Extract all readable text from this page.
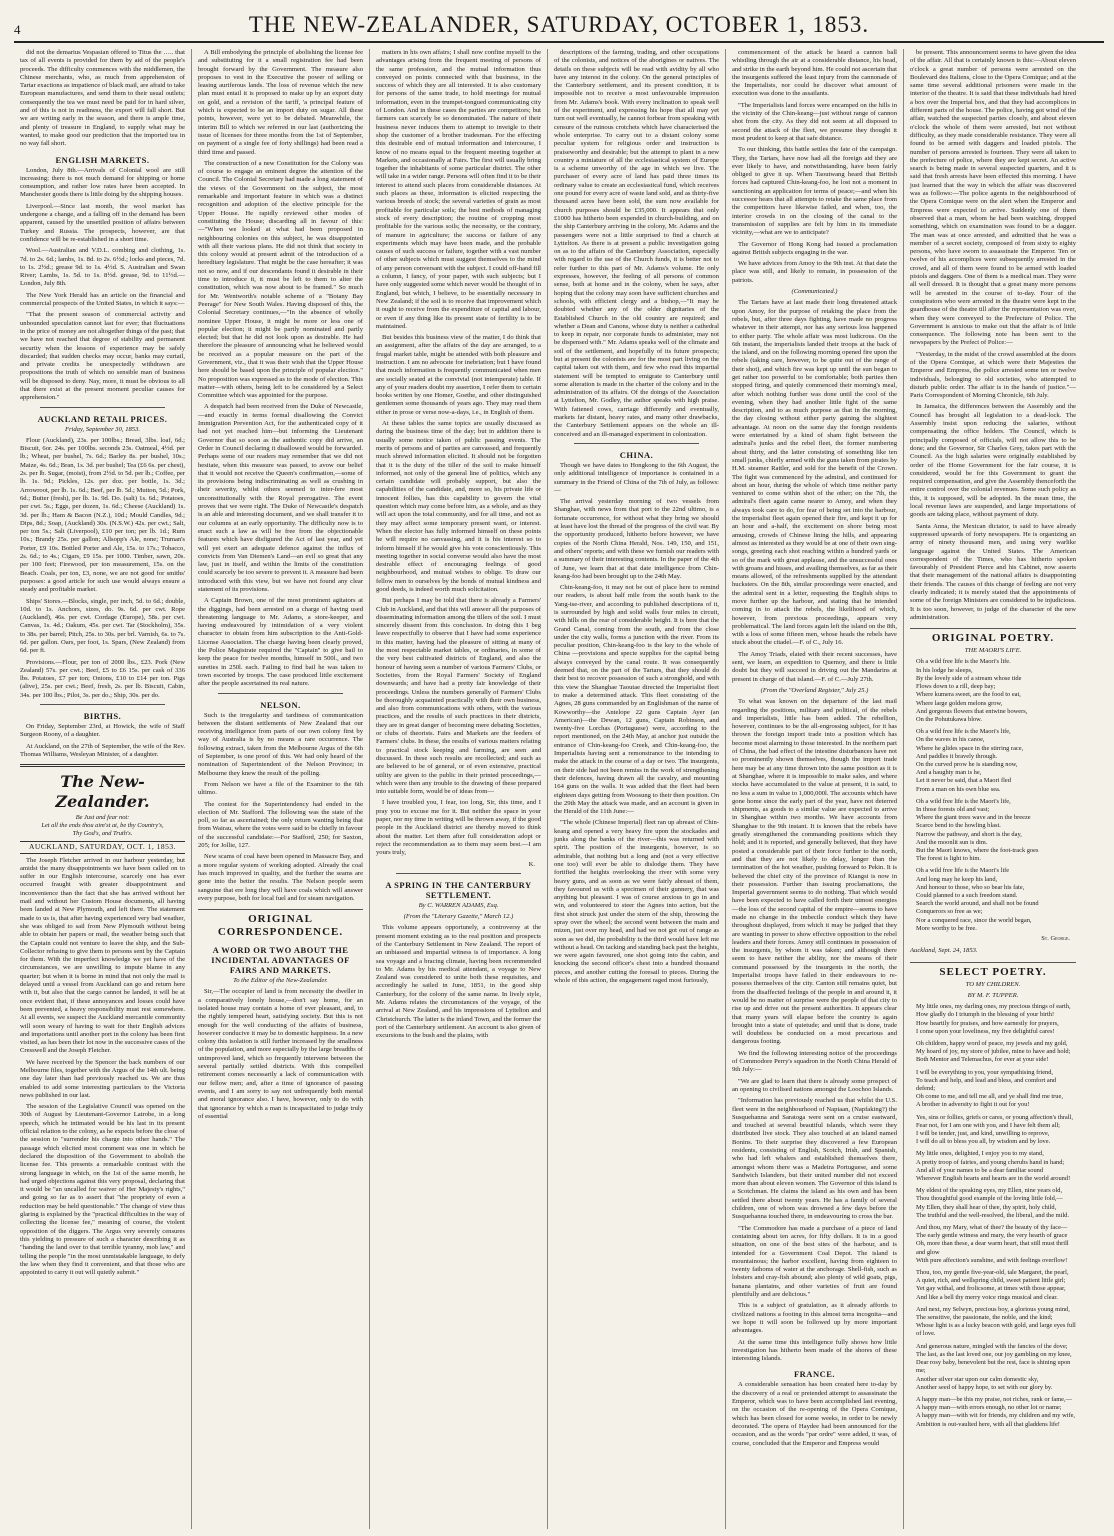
4	THE NEW-ZEALANDER, SATURDAY, OCTOBER 1, 1853.

did not the demarius Vespasian offered to Titus the ….. that tax of all events is provided for them by aid of the people's proceeds. The difficulty commences with the middlemen, the Chinese merchants, who, as much from apprehension of Tartar exactions as impatience of black mail, are afraid to take European manufactures, and send them to their usual outlets; consequently the tea we must need be paid for in hard silver, and of this is not in readiness, the export will fall short. But we are writing early in the season, and there is ample time, and plenty of treasure in England, to supply what may be wanted, to make good our prediction that the imported tea in no way fall short.

ENGLISH MARKETS.

London, July 8th.—Arrivals of Colonial wool are still increasing; there is not much demand for shipping or home consumption, and rather low rates have been accepted. In Manchester goods there is little doing by the shipping houses.

Liverpool.—Since last month, the wool market has undergone a change, and a falling off in the demand has been apparent, caused by the unsettled position of affairs between Turkey and Russia. The prospects, however, are that confidence will be re-established in a short time.

Wool.—Australian and V.D.L. combing and clothing, 1s. 7d. to 2s. 6d.; lambs, 1s. 8d. to 2s. 6½d.; locks and pieces, 7d. to 1s. 2½d.; grease 9d. to 1s. 4½d. S. Australian and Swan River; Lambs, 1s. 5d. to 1s. 8½d. grease, 9d. to 11½d.—London, July 8th.

The New York Herald has an article on the financial and commercial prospects of the United States, in which it says:—

"That the present season of commercial activity and unbounded speculation cannot last for ever; that fluctuations in the price of money are not altogether things of the past; that we have not reached that degree of stability and permanent security when the lessons of experience may be safely discarded; that sudden checks may occur, banks may curtail, and private credits be unexpectedly withdrawn are propositions the truth of which no sensible man of business will be disposed to deny. Nay, more, it must be obvious to all that there exist at the present moment peculiar causes for apprehension."

AUCKLAND RETAIL PRICES.
Friday, September 30, 1853.

Flour (Auckland), 23s. per 100lbs.; Bread, 3lbs. loaf, 6d.; Biscuit, 6or. 24s. per 100lbs. seconds 23s. Oatmeal, 4½d. per lb.; Wheat, per bushel, 7s. 6d.; Barley 8s. per bushel, 10s.; Maize, 4s. 6d.; Bran, 1s. 3d. per bushel; Tea (£6 6s. per chest), 2s. per lb. Sugar, (moist), from 2½d. to 5d. per lb.; Coffee, per lb. 1s. 9d.; Pickles, 12s. per doz. per bottle, 1s. 3d.; Arrowroot, per lb. 1s. 6d.; Beef, per lb. 5d.; Mutton, 5d.; Pork, 6d.; Butter (fresh), per lb. 1s. 9d. Do. (salt) 1s. 6d.; Potatoes, per cwt. 5s.; Eggs, per dozen, 1s. 6d.; Cheese (Auckland) 1s. 3d. per lb.; Ham & Bacon (N.Z.), 10d.; Mould Candles, 9d.; Dips, 8d.; Soap, (Auckland) 30s. (N.S.W.) 42s. per cwt.; Salt, per ton 5s.; Salt (Liverpool), £10 per ton; per lb. 1d.; Rum 10s.; Brandy 25s. per gallon; Allsopp's Ale, none; Truman's Porter, £9 10s. Bottled Porter and Ale, 15s. to 17s.; Tobacco, 2s. 6d.; to 4s.; Cigars, £9 15s. per 1000. Timber, sawn, 20s. per 100 feet; Firewood, per ton measurement, 15s. on the Beach. Coals, per ton, £3, none, we are not good for smiths' purposes: a good article for such use would always ensure a steady and profitable market.

Ships' Stores.—Blocks, single, per inch, 5d. to 6d.; double, 10d. to 1s. Anchors, sizes, do. 9s. 6d. per cwt. Rope (Auckland), 46s. per cwt. Cordage (Europe), 58s. per cwt. Canvas, 1s. 4d.; Oakum, 45s. per cwt. Tar (Stockholm), 35s. to 38s. per barrel; Pitch, 25s. to 30s. per brl. Varnish, 6s. to 7s. 6d. per gallon. Oars, per foot, 1s. Spars, (New Zealand) from 6d. per ft.

Provisions.—Flour, per ton of 2000 lbs., £23. Pork (New Zealand) 57s. per cwt.; Beef, £5 to £6 15s. per cask of 336 lbs. Potatoes, £7 per ton; Onions, £10 to £14 per ton. Pigs (alive), 25s. per cwt.; Beef, fresh, 2s. per lb. Biscuit, Cabin, 34s. per 100 lbs.; Pilot, 3s. per do.; Ship, 30s. per do.

BIRTHS.

On Friday, September 23rd, at Howick, the wife of Staff Surgeon Roony, of a daughter.

At Auckland, on the 27th of September, the wife of the Rev. Thomas Williams, Wesleyan Minister, of a daughter.

The New-Zealander.
Be Just and fear not:
Let all the ends thou aim'st at, be thy Country's,
Thy God's, and Truth's.
AUCKLAND, SATURDAY, OCT. 1, 1853.

The Joseph Fletcher arrived in our harbour yesterday, but amidst the many disappointments we have been called on to suffer in our English intercourse, scarcely one has ever occurred fraught with greater disappointment and inconvenience than the fact that she has arrived without her mail and without her Custom House documents, all having been landed at New Plymouth, and left there. The statement made to us is, that after having experienced very bad weather, she was obliged to sail from New Plymouth without being able to obtain her papers or mail, the weather being such that the Captain could not venture to leave the ship, and the Sub-Collector refusing to give them to persons sent by the Captain for them. With the imperfect knowledge we yet have of the circumstances, we are unwilling to impute blame in any quarter; but when it is borne in mind that not only the mail is delayed until a vessel from Auckland can go and return here with it, but also that the cargo cannot be landed, it will be at once evident that, if these annoyances and losses could have been prevented, a heavy responsibility must rest somewhere. At all events, we suspect the Auckland mercantile community will soon weary of having to wait for their English advices and importations until another port in the colony has been first visited, as has been their lot now in the successive cases of the Cresswell and the Joseph Fletcher.

We have received by the Spencer the back numbers of our Melbourne files, together with the Argus of the 14th ult. being one day later than had previously reached us. We are thus enabled to add some interesting particulars to the Victoria news published in our last.

The session of the Legislative Council was opened on the 30th of August by Lieutenant-Governor Latrobe, in a long speech, which he intimated would be his last in its present official relation to the colony, as he expects before the close of the session to "surrender his charge into other hands." The passage which elicited most comment was one in which he declared the disposition of the Government to abolish the license fee. This presents a remarkable contrast with the strong language in which, on the 1st of the same month, he had urged objections against this very proposal, declaring that it would be "an uncalled for waiver of Her Majesty's rights," and going so far as to assert that "the propriety of even a reduction may be held questionable." The change of view thus glaring is explained by the "practical difficulties in the way of collecting the license fee," meaning of course, the violent opposition of the diggers. The Argus very severely censures this yielding to pressure of such a character describing it as "handing the land over to that terrible tyranny, mob law," and telling the people "in the most unmistakable language, to defy the law when they find it convenient, and that those who are appointed to carry it out will quietly submit."

A Bill embodying the principle of abolishing the license fee and substituting for it a small registration fee had been brought forward by the Government. The measure also proposes to vest in the Executive the power of selling or leasing auriferous lands. The loss of revenue which the new plan must entail it is proposed to make up by an export duty on gold, and a revision of the tariff, 'a principal feature of which is expected to be an import duty on sugar. All these points, however, were yet to be debated. Meanwhile, the interim Bill to which we referred in our last (authorizing the issue of licenses for three months from the 1st of September, on payment of a single fee of forty shillings) had been read a third time and passed.

The construction of a new Constitution for the Colony was of course to engage an eminent degree the attention of the Council. The Colonial Secretary had made a long statement of the views of the Government on the subject, the most remarkable and important feature in which was a distinct recognition and adoption of the elective principle for the Upper House. He rapidly reviewed other modes of constituting the House; discarding all in favour of this:—"When we looked at what had been proposed in neighbouring colonies on this subject, he was disappointed with all their various plans. He did not think that society in this colony would at present admit of the introduction of a hereditary legislature. That might be the case hereafter; it was not so now, and if our descendants found it desirable in their time to introduce it, it must be left to them to alter the constitution, which was now about to be framed." So much for Mr. Wentworth's notable scheme of a "Botany Bay Peerage" for New South Wales. Having disposed of this, the Colonial Secretary continues,—"In the absence of wholly nominee Upper House, it might be more or less one of popular election; it might be partly nominated and partly elected; but that he did not look upon as desirable. He had therefore the pleasure of announcing what he believed would be received as a popular measure on the part of the Government, viz., that it was their wish that the Upper House here should be based upon the principle of popular election." No proposition was expressed as to the mode of election. This matter—with others, being left to be considered by a Select Committee which was appointed for the purpose.

A despatch had been received from the Duke of Newcastle,—and exactly in terms formal disallowing the Convict Immigration Prevention Act, for the authenticated copy of it had not yet reached him—but informing the Lieutenant Governor that so soon as the authentic copy did arrive, an Order in Council declaring it disallowed would be forwarded. Perhaps some of our readers may remember that we did not hesitate, when this measure was passed, to avow our belief that it would not receive the Queen's confirmation,—some of its provisions being indiscriminating as well as crushing in their severity, whilst others seemed to inter-fere most unconstitutionally with the Royal prerogative. The event proves that we were right. The Duke of Newcastle's despatch is an able and interesting document, and we shall transfer it to our columns at an early opportunity. The difficulty now is to enact such a law as will be free from the objectionable features which have disfigured the Act of last year, and yet will yet exert an adequate defence against the influx of convicts from Van Diemen's Land—an evil so great that any law, just in itself, and within the limits of the constitution could scarcely be too severe to prevent it. A measure had been introduced with this view, but we have not found any clear statement of its provisions.

A Captain Brown, one of the most prominent agitators at the diggings, had been arrested on a charge of having used threatening language to Mr. Adams, a store-keeper, and having endeavoured by intimidation of a very violent character to obtain from him subscription to the Anti-Gold-License Association. The charge having been clearly proved, the Police Magistrate required the "Captain" to give bail to keep the peace for twelve months, himself in 500l., and two sureties in 250l. each. Failing to find bail he was taken to town escorted by troops. The case produced little excitement after the people ascertained its real nature.

NELSON.

Such is the irregularity and tardiness of communication between the distant settlements of New Zealand that our receiving intelligence from parts of our own colony first by way of Australia is by no means a rare occurrence. The following extract, taken from the Melbourne Argus of the 6th of September, is one proof of this. We had only heard of the nomination of Superintendent of the Nelson Province; in Melbourne they knew the result of the polling.

From Nelson we have a file of the Examiner to the 6th ultimo.

The contest for the Superintendency had ended in the election of Mr. Stafford. The following was the state of the poll, so far as ascertained; the only return wanting being that from Wairau, where the votes were said to be chiefly in favour of the successful candidate:—For Stafford, 250; for Saxton, 205; for Jollie, 127.

New scams of coal have been opened in Massacre Bay, and a more regular system of working adopted. Already the coal has much improved in quality, and the further the seams are gone into the better the results. The Nelson people seem sanguine that ere long they will have coals which will answer every purpose, both for local fuel and for steam navigation.

ORIGINAL CORRESPONDENCE.
A WORD OR TWO ABOUT THE INCIDENTAL ADVANTAGES OF FAIRS AND MARKETS.
To the Editor of the New-Zealander.

Sir,—The occupier of land is from necessity the dweller in a comparatively lonely house,—don't say home, for an isolated house may contain a home of ever pleasant, and, to the rightly tempered heart, satisfying society. But this is not enough for the well conducting of the affairs of business, however conducive it may be to domestic happiness. In a new colony this isolation is still further increased by the smallness of the population, and more especially by the large breadths of unimproved land, which so frequently intervene between the several partially settled districts. With this compelled retirement comes necessarily a lack of communication with our fellow men; and, after a time of ignorance of passing events, and I am sorry to say not unfrequently both mental and moral ignorance also. I have, however, only to do with that ignorance by which a man is incapacitated to judge truly of essential

matters in his own affairs; I shall now confine myself to the advantages arising from the frequent meeting of persons of the same profession, and the mutual information thus conveyed on points connected with that business, in the success of which they are all interested. It is also customary for persons of the same trade, to hold meetings for mutual information, even in the trumpet-tongued communicating city of London. And in these cases the parties are competitors; but farmers can scarcely be so denominated. The nature of their business never induces them to attempt to inveigle to their shop the customer of a brother tradesman. For the effecting this desirable end of mutual information and intercourse, I know of no means equal to the frequent meeting together at Markets, and occasionally at Fairs. The first will usually bring together the inhabitants of some particular district. The other will take in a wider range. Persons will often find it to be their interest to attend such places from considerable distances. At such places as these, information is elicited respecting the various breeds of stock; the several varieties of grain as most profitable for particular soils; the best methods of managing stock of every description; the routine of cropping most profitable for the various soils; the necessity, or the contrary, of manure in agriculture; the success or failure of any experiments which may have been made, and the probable causes of such success or failure, together with a vast number of other subjects which must suggest themselves to the mind of any person conversant with the subject. I could off-hand fill a column, I fancy, of your paper, with such subjects; but I have only suggested some which never would be thought of in England, but which, I believe, to be essentially necessary in New Zealand; if the soil is to receive that improvement which it ought to receive from the expenditure of capital and labour, or even if any thing like its present state of fertility is to be maintained.

But besides this business view of the matter, I do think that an assignment, after the affairs of the day are arranged, to a frugal market table, might be attended with both pleasure and instruction. I am no advocate for inebriation; but I have found that much information is frequently communicated when men are socially seated at the convivial (not intemperate) table. If any of your readers doubt my assertion, I refer them to certain books written by one Homer, Goethe, and other distinguished gentlemen some thousands of years ago. They may read them either in prose or verse now-a-days, i.e., in English of them.

At these tables the same topics are usually discussed as during the business time of the day; but in addition there is usually some notice taken of public passing events. The merits of persons and of parties are canvassed, and frequently much shrewd information elicited. It should not be forgotten that it is the duty of the tiller of the soil to make himself informed, not only of the general line of politics, which any certain candidate will probably support, but also the capabilities of the candidate, and, more so, his private life or innocent follies, has this capability to govern the vital question which may come before him, as a whole, and as they will act upon the total community, and for all time, and not as they may affect some temporary present want, or interest. When the elector has fully informed himself on these points he will require no canvassing, and it is his interest so to inform himself if he would give his vote conscientiously. This meeting together in social converse would also have the most desirable effect of encouraging feelings of good neighbourhood, and mutual wishes to oblige. To draw our fellow men to ourselves by the bonds of mutual kindness and good deeds, is indeed worth much solicitation.

But perhaps I may be told that there is already a Farmers' Club in Auckland, and that this will answer all the purposes of disseminating information among the tillers of the soil. I must sincerely dissent from this conclusion. In doing this I beg leave respectfully to observe that I have had some experience in this matter, having had the pleasure of sitting at many of the most respectable market tables, or ordinaries, in some of the very best cultivated districts of England, and also the honour of having seen a number of various Farmers' Clubs, or Societies, from the Royal Farmers' Society of England downwards; and have had a pretty fair knowledge of their proceedings. Unless the numbers generally of Farmers' Clubs be thoroughly acquainted practically with their own business, and also from communications with others, with the various practices, and the results of such practices in their districts, they are in great danger of becoming mere debating Societies, or clubs of theorists. Fairs and Markets are the feeders of Farmers' clubs. In these, the results of various matters relating to practical stock keeping and farming, are seen and discussed. In these such results are recollected; and such as are believed to be of general, or of even extensive, practical utility are given to the public in their printed proceedings,—which were then any trouble to the drawing of these prepared into suitable form, would be of ideas from—

I have troubled you, I fear, too long, Sir, this time, and I pray you to excuse me for it. But neither the space in your paper, nor my time in writing will be thrown away, if the good people in the Auckland district are thereby moved to think about the matter. Let them after full consideration adopt or reject the recommendation as to them may seem best.—I am yours truly,

K.
A SPRING IN THE CANTERBURY SETTLEMENT.
By C. WARREN ADAMS, Esq.
(From the "Literary Gazette," March 12.)

This volume appears opportunely, a controversy at the present moment existing as to the real position and prospects of the Canterbury Settlement in New Zealand. The report of an unbiassed and impartial witness is of importance. A long sea voyage and a bracing climate, having been recommended to Mr. Adams by his medical attendant, a voyage to New Zealand was considered to unite both these requisites, and accordingly he sailed in June, 1851, in the good ship Canterbury, for the colony of the same name. In lively style, Mr. Adams relates the circumstances of the voyage, of the arrival at New Zealand, and his impressions of Lyttelton and Christchurch. The latter is the inland Town, and the former the port of the Canterbury settlement. An account is also given of excursions to the bush and the plains, with

descriptions of the farming, trading, and other occupations of the colonists, and notices of the aborigines or natives. The details on these subjects will be read with avidity by all who have any interest in the colony. On the general principles of the Canterbury settlement, and its present condition, it is impossible not to receive a most unfavourable impression from Mr. Adams's book. With every inclination to speak well of the experiment, and expressing his hope that all may yet turn out well eventually, he cannot forbear from speaking with censure of the ruinous crotchets which have characterised the whole enterprise. To carry out to a distant colony some peculiar system for religious order and instruction is praiseworthy and desirable; but the attempt to plant in a new country a miniature of all the ecclesiastical system of Europe is a scheme unworthy of the age in which we live. The purchaser of every acre of land has paid three times its ordinary value to create an ecclesiastical fund, which receives one pound for every acre of waste land sold, and as thirty-five thousand acres have been sold, the sum now available for church purposes should be £35,000. It appears that only £1000 has hitherto been expended in church-building, and on the ship Canterbury arriving in the colony, Mr. Adams and the passengers were not a little surprised to find a church at Lyttelton. As there is at present a public investigation going on as to the affairs of the Canterbury Association, especially with regard to the use of the Church funds, it is better not to refer further to this part of Mr. Adams's volume. He only expresses, however, the feeling of all persons of common sense, both at home and in the colony, when he says, after hoping that the colony may soon have sufficient churches and schools, with efficient clergy and a bishop,—"It may be doubted whether any of the older dignitaries of the Established Church in the old country are required; and whether a Dean and Canons, whose duty is neither a cathedral to keep in repair, nor corporate funds to administer, may not be dispensed with." Mr. Adams speaks well of the climate and soil of the settlement, and hopefully of its future prospects; but at present the colonists are for the most part living on the capital taken out with them, and few who read this impartial statement will be tempted to emigrate to Canterbury until some alteration is made in the charter of the colony and in the administration of its affairs. Of the doings of the Association at Lyttelton, Mr. Godley, the author speaks with high praise. With fattened cows, carriage differently and eventually, markets far distant, heavy rates, and many other drawbacks, the Canterbury Settlement appears on the whole an ill-conceived and an ill-managed experiment in colonization.

CHINA.

Though we have dates to Hongkong to the 6th August, the only additional intelligence of importance is contained in a summary in the Friend of China of the 7th of July, as follows:—

The arrival yesterday morning of two vessels from Shanghae, with news from that port to the 22nd ultimo, is a fortunate occurrence, for without what they bring we should at least have lost the thread of the progress of the civil war. By the opportunity produced, hitherto before however, we have copies of the North China Herald, Nos. 149, 150, and 151, and others' reports; and with these we furnish our readers with a summary of their interesting contents. In the paper of the 4th of June, we learn that at that date intelligence from Chin-keang-foo had been brought up to the 24th May.

Chin-keang-foo, it may not be out of place here to remind our readers, is about half mile from the south bank to the Yang-tse-river, and according to published descriptions of it, is surrounded by high and solid walls four miles in circuit, with hills on the rear of considerable height. It is here that the Grand Canal, coming from the south, and from the close under the city walls, forms a junction with the river. From its peculiar position, Chin-keang-foo is the key to the whole of China —provisions and specie supplies for the capital being always conveyed by the canal route. It was consequently deemed that, on the part of the Tartars, that they should do their best to recover possession of such a stronghold, and with this view the Shanghae Taoutae directed the Imperialist fleet to make a determined attack. This fleet consisting of the Agnes, 28 guns commanded by an Englishman of the name of Kowworthy—the Antelope 22 guns Captain Ayer (an American)—the Dewan, 12 guns, Captain Robinson, and twenty-five Lorchas (Portuguese) were, according to the report mentioned, on the 24th May, at anchor just outside the entrance of Chin-keang-foo Creek, and Chin-keang-foo, the Imperialists having sent a remonstrance to the intending to make the attack in the course of a day or two. The insurgents, on their side had not been remiss in the work of strengthening their defences, having drawn all the cavalry, and mounting 164 guns on the walls. It was added that the fleet had been eighteen days getting from Woosung to their then position. On the 29th May the attack was made, and an account is given in the Herald of the 11th June:—

"The whole (Chinese Imperial) fleet ran up abreast of Chin-keang and opened a very heavy fire upon the stockades and junks along the banks of the river—this was returned with spirit. The position of the insurgents, however, is so admirable, that nothing but a long and (not a very effective one too) will ever be able to dislodge them. They have fortified the heights overlooking the river with some very heavy guns, and as soon as we were fairly abreast of them, they favoured us with a specimen of their gunnery, that was anything but pleasant. I was of course anxious to go in and win, and volunteered to steer the Agnes into action, but the first shot struck just under the stern of the ship, throwing the spray over the wheel; the second went between the main and mizen, just over my head, and had we not got out of range as soon as we did, the probability is the third would have left me without a head. On tacking and standing back past the heights, we were again favoured, one shot going into the cabin, and knocking the second officer's chest into a hundred thousand pieces, and another cutting the foresail to pieces. During the whole of this action, the engagement raged most furiously,

commencement of the attack he heard a cannon ball whistling through the air at a considerable distance, his head, and strike in the earth beyond him. He could not ascertain that the insurgents suffered the least injury from the cannonade of the Imperialists, nor could he discover what amount of execution was done to the assailants.

"The Imperialists land forces were encamped on the hills in the vicinity of the Chin-keang—just without range of cannon shot from the city. As they did not seem at all disposed to second the attack of the fleet, we presume they thought it most prudent to keep at that safe distance.

To our thinking, this battle settles the fate of the campaign. They, the Tartars, have now had all the foreign aid they are ever likely to have, and notwithstanding, have been fairly obliged to give it up. When Taoutwang heard that British forces had captured Chin-keang-foo, he lost not a moment in sanctioning an application for terms of peace;—and when his successor hears that all attempts to retake the same place from the competitors have likewise failed, and when, too, the interior crowds in on the closing of the canal to the transmission of supplies are felt by him in its immediate vicinity,—what are we to anticipate?

The Governor of Hong Kong had issued a proclamation against British subjects engaging in the war.

We have advices from Amoy to the 9th inst. At that date the place was still, and likely to remain, in possession of the patriots.

(Communicated.)

The Tartars have at last made their long threatened attack upon Amoy, for the purpose of retaking the place from the rebels, but, after three days fighting, have made no progress whatever in their attempt, nor has any serious loss happened to either party. The whole affair was most ludicrous. On the 6th instant, the imperialists landed their troops at the back of the island, and on the following morning opened fire upon the rebels (taking care, however, to be quite out of the range of their shot), and which fire was kept up until the sun began to get rather too powerful to be comfortable; both parties then stopped firing, and quietly commenced their morning's meal, after which nothing further was done until the cool of the evening, when they had another little fight of the same description, and to as much purpose as that in the morning, the day closing without either party gaining the slightest advantage. At noon on the same day the foreign residents were entertained by a kind of sham fight between the admiral's junks and the rebel fleet, the former numbering about thirty, and the latter consisting of something like ten small junks, chiefly armed with the guns taken from pirates by H.M. steamer Rattler, and sold for the benefit of the Crown. The fight was commenced by the admiral, and continued for about an hour, during the whole of which time neither party ventured to come within shot of the other; on the 7th, the admiral's fleet again came nearer to Amoy, and when they always took care to do, for fear of being set into the harbour, the imperialist fleet again opened their fire, and kept it up for an hour and a-half, the excitement on shore being most amusing, crowds of Chinese lining the hills, and appearing almost as interested as they would be at one of their own sing-songs, greeting each shot reaching within a hundred yards or so of the mark with great applause, and the unsuccessful ones with groans and hisses, and availing themselves, as far as their means allowed, of the refreshments supplied by the attendant hucksters. On the 8th, similar proceedings were enacted, and the admiral sent in a letter, requesting the English ships to move further up the harbour, and stating that he intended coming in to attack the rebels, the likelihood of which, however, from previous proceedings, appears very problematical. The land forces again left the island on the 8th, with a loss of some fifteen men, whose heads the rebels have stuck about the citadel.—F. of C., July 16.

The Amoy Triads, elated with their recent successes, have sent, we learn, an expedition to Quemoy, and there is little doubt but they will succeed in driving out the Mandarins at present in charge of that island.—F. of C.—July 27th.

(From the "Overland Register," July 25.)

To what was known on the departure of the last mail regarding the positions, military and political, of the rebels and imperialists, little has been added. The rebellion, however, continues to be the all-engrossing subject, for it has thrown the foreign import trade into a position which has become most alarming to those interested. In the northern part of China, the bad effect of the intestine disturbances have not so prominently shown themselves, though the import trade here may be at any time thrown into the same position as it is at Shanghae, where it is impossible to make sales, and where stocks have accumulated to the value at present, it is said, to no less a sum in value to 1,000,000l. The accounts which have gone home since the early part of the year, have not deterred shipments, as goods to a similar value are expected to arrive in Shanghae within two months. We have accounts from Shanghae to the 9th instant. It is known that the rebels have greatly strengthened the commanding positions which they hold; and it is reported, and generally believed, that they have posted a considerable part of their force further to the north, and that they are not likely to delay, longer than the termination of the hot weather, pushing forward to Pekin. It is believed the chief city of the province of Kiangsi is now in their possession. Further than issuing proclamations, the Imperial government seems to do nothing. That which would have been expected to have called forth their utmost energies—the loss of the second capital of the empire—seems to have made no change in the imbecile conduct which they have throughout displayed, from which it may be judged that they are wanting in power to show effective opposition to the rebel leaders and their forces. Amoy still continues in possession of the insurgents, by whom it was taken; and although there seem to have neither the ability, nor the means of their command possessed by the insurgents in the north, the Imperialist troops have failed in their endeavours to re-possess themselves of the city. Canton still remains quiet, but from the disaffected feelings of the people in and around it, it would be no matter of surprise were the people of that city to rise up and drive out the present authorities. It appears clear that many years will elapse before the country is again brought into a state of quietude; and until that is done, trade will doubtless be conducted on a most precarious and dangerous footing.

We find the following interesting notice of the proceedings of Commodore Perry's squadron in the North China Herald of 9th July:—

"We are glad to learn that there is already some prospect of an opening to civilised nations amongst the Loochoo Islands.

"Information has previously reached us that whilst the U.S. fleet were in the neighbourhood of Napiaan, (Napfaking?) the Susquehanna and Saratoga were sent on a cruise eastward, and touched at several beautiful islands, which were they distributed live stock. They also touched at an island named Bonins. To their surprise they discovered a few European residents, consisting of English, Scotch, Irish, and Spanish, who had left whalers and established themselves there, amongst whom there was a Madeira Portuguese, and some Sandwich Islanders, but their united number did not exceed more than about eleven women. The Governor of this island is a Scotchman. He claims the island as his own and has been settled there about twenty years. He has a family of several children, one of whom was drowned a few days before the Susquehanna touched there, in endeavouring to cross the bar.

"The Commodore has made a purchase of a piece of land containing about ten acres, for fifty dollars. It is in a good situation, on one of the best sites of the harbour, and is intended for a Government Coal Depot. The island is mountainous; the harbor excellent, having from eighteen to twenty fathoms of water at the anchorage. Shell-fish, such as lobsters and cray-fish abound; also plenty of wild goats, pigs, banana plantains, and other varieties of fruit are found plentifully and are delicious."

This is a subject of gratulation, as it already affords to civilized nations a footing in this almost terra incognita—and we hope it will soon be followed up by more important advantages.

At the same time this intelligence fully shows how little investigation has hitherto been made of the shores of these interesting Islands.

FRANCE.

A considerable sensation has been created here to-day by the discovery of a real or pretended attempt to assassinate the Emperor, which was to have been accomplished last evening, on the occasion of the re-opening of the Opera Comique, which has been closed for some weeks, in order to be newly decorated. The opera of Haydee had been announced for the occasion, and as the words "par ordre" were added, it was, of course, concluded that the Emperor and Empress would

be present. This announcement seems to have given the idea of the affair. All that is certainly known is this:—About eleven o'clock a great number of persons were arrested on the Boulevard des Italiens, close to the Opera Comique; and at the same time several additional prisoners were made in the interior of the theatre. It is said that these individuals had hired a box over the Imperial box, and that they had accomplices in different parts of the house. The police, having got wind of the affair, watched the suspected parties closely, and about eleven o'clock the whole of them were arrested, but not without difficulty, as they made considerable resistance. They were all found to be armed with daggers and loaded pistols. The number of persons arrested is fourteen. They were all taken to the prefecture of police, where they are kept secret. An active search is being made in several suspected quarters, and it is said that fresh arrests have been effected this morning. I have just learned that the way in which the affair was discovered was as follows:—The police agents in the neighbourhood of the Opera Comique were on the alert when the Emperor and Empress were expected to arrive. Suddenly one of them observed that a man, whom he had been watching, dropped something, which on examination was found to be a dagger. The man was at once arrested, and admitted that he was a member of a secret society, composed of from sixty to eighty persons, who have sworn to assassinate the Emperor. Ten or twelve of his accomplices were subsequently arrested in the crowd, and all of them were found to be armed with loaded pistols and daggers. One of them is a medical man. They were all well dressed. It is thought that a great many more persons will be arrested in the course of to-day. Four of the conspirators who were arrested in the theatre were kept in the guardhouse of the theatre till after the representation was over, when they were conveyed to the Prefecture of Police. The Government is anxious to make out that the affair is of little consequence. The following note has been sent to the newspapers by the Prefect of Police:—

"Yesterday, in the midst of the crowd assembled at the doors of the Opera Comique, at which were their Majesties the Emperor and Empress, the police arrested some ten or twelve individuals, belonging to old societies, who attempted to disturb public order. The affair is in the hands of justice."—Paris Correspondent of Morning Chronicle, 6th July.

In Jamaica, the differences between the Assembly and the Council has brought all legislation to a dead-lock. The Assembly insist upon reducing the salaries, without compensating the office holders. The Council, which is principally composed of officials, will not allow this to be done; and the Governor, Sir Charles Grey, takes part with the Council. As the high salaries were originally established by order of the Home Government for the fair course, it is considered, would be for this Government to grant the required compensation, and give the Assembly thenceforth the entire control over the colonial revenues. Some such policy as this, it is supposed, will be adopted. In the mean time, the local revenue laws are suspended, and large importations of goods are taking place, without payment of duty.

Santa Anna, the Mexican dictator, is said to have already suppressed upwards of forty newspapers. He is organizing an army of ninety thousand men, and using very warlike language against the United States. The American correspondent of the Times, who has hitherto spoken favourably of President Pierce and his Cabinet, now asserts that their management of the national affairs is disappointing their friends. The causes of this change of feeling are not very clearly indicated; it is merely stated that the appointments of some of the foreign Ministers are considered to be injudicious. It is too soon, however, to judge of the character of the new administration.

ORIGINAL POETRY.
THE MAORI'S LIFE.
Oh a wild free life is the Maori's life.
In his lodge he sleeps,
By the lovely side of a stream whose tide
Flows down to a rill, deep bay;
Where kumera sweet, are the food to eat,
Where large golden melons grow,
And gorgeous flowers that entwine bowers,
On the Pohutukawa blow.
Oh a wild free life is the Maori's life,
On the waves in his canoe,
Where he glides space in the stirring race,
And paddles it bravely through.
On the curved prow he is standing now,
And a haughty man is he,
Let it never be said, that a Maori fled
From a man on his own blue sea.
Oh a wild free life is the Maori's life,
In those forests old and vast;
Where the giant trees wave and in the breeze
Scarce bend to the howling blast.
Narrow the pathway, and short is the day,
And the moonlit sun is dim.
But the Maori knows, where the foot-track goes
The forest is light to him.
Oh a wild free life is the Maori's life
And long may he keep his land,
And honour to those, who so bear his fate,
Could planned to a such freedom stand.
Search the world around, and shall not be found
Conquerors so free as we;
Nor a conquered race, since the world began,
More worthy to be free.
St. George.
Auckland, Sept. 24, 1853.
SELECT POETRY.
TO MY CHILDREN.
BY M. F. TUPPER.
My little ones, my darling ones, my precious things of earth,
How gladly do I triumph in the blessing of your birth!
How heartily for praises, and how earnestly for prayers,
I come upon your loveliness, my five delightful cares!
Oh children, happy word of peace, my jewels and my gold,
My hoard of joy, my store of jubilee, mine to have and hold;
Both Mentor and Telemachus, for ever at your side!
I will be everything to you, your sympathising friend,
To teach and help, and lead and bless, and comfort and defend;
Oh come to me, and tell me all, and ye shall find me true,
A brother in adversity to fight it out for you!
Yes, sins or follies, griefs or cares, or young affection's thrall,
Fear not, for I am one with you, and I have felt them all;
I will be tender, just, and kind, unwilling to reprove,
I will do all to bless you all, by wisdom and by love.
My little ones, delighted, I enjoy you to my stand,
A pretty troop of fairies, and young cherubs hand in hand;
And all of your names to be a dear familiar sound
Wherever English hearts and hearts are in the world around!
My eldest of the speaking eyes, my Ellen, nine years old,
Thou thoughtful good example of the loving little fold,—
My Ellen, they shall hear of thee, thy spirit, holy child,
The truthful and the well-resolved, the liberal, and the mild.
And thou, my Mary, what of thee? the beauty of thy face—
The early gentle witness and mary, the very hearth of grace
Oh, more than these, a dear warm heart, that still must thrill and glow
With pure affection's sunshine, and with feelings overflow!
Thou, too, my gentle five-year-old, tale Margaret, the pearl,
A quiet, rich, and wellspring child, sweet patient little girl;
Yet gay withal, and frolicsome, at times with those appear,
And like a bell thy merry voice rings musical and clear.
And next, my Selwyn, precious boy, a glorious young mind,
The sensitive, the passionate, the noble, and the kind;
Whose light is as a lucky beacon with gold, and large eyes full of love.
And generous nature, mingled with the fancies of the dove;
The last, as the last loved one, our joy gambling on my knee,
Dear rosy baby, benevolent but the rest, face is shining upon me;
Another silver star upon our calm domestic sky,
Another seed of happy hope, to set with our glory by.
A happy man—be this my praise, not riches, rank or fame,—
A happy man—with errors enough, no other lot or name;
A happy man—with wit for friends, my children and my wife,
Ambition is out-vaulted here, with all that gladdens life!
